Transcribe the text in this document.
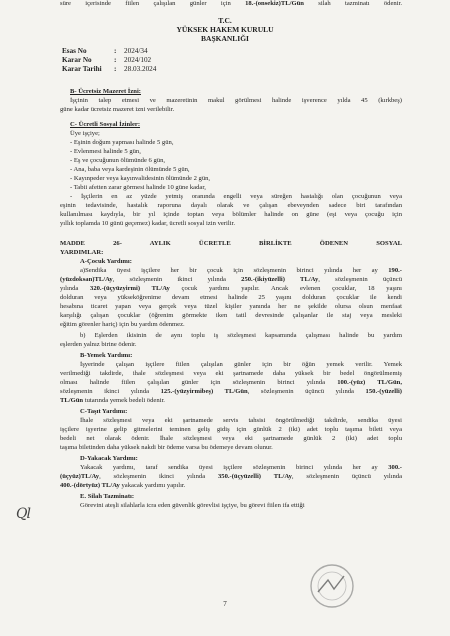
T.C.
YÜKSEK HAKEM KURULU
BAŞKANLIĞI
Esas No	: 2024/34
Karar No	: 2024/102
Karar Tarihi : 28.03.2024
B- Ücretsiz Mazeret İzni:
İşçinin talep etmesi ve mazeretinin makul görülmesi halinde işverence yılda 45 (kırkbeş)
güne kadar ücretsiz mazeret izni verilebilir.
C- Ücretli Sosyal İzinler:
Üye işçiye;
- Eşinin doğum yapması halinde 5 gün,
- Evlenmesi halinde 5 gün,
- Eş ve çocuğunun ölümünde 6 gün,
- Ana, baba veya kardeşinin ölümünde 5 gün,
- Kayınpeder veya kayınvalidesinin ölümünde 2 gün,
- Tabii afetten zarar görmesi halinde 10 güne kadar,
- İşçilerin en az yüzde yetmiş oranında engelli veya süreğen hastalığı olan çocuğunun veya
eşinin tedavisinde, hastalık raporuna dayalı olarak ve çalışan ebeveynden sadece biri tarafından
kullanılması kaydıyla, bir yıl içinde toptan veya bölümler halinde on güne (eşi veya çocuğu için
yıllık toplamda 10 günü geçemez) kadar, ücretli sosyal izin verilir.
MADDE 26- AYLIK ÜCRETLE BİRLİKTE ÖDENEN SOSYAL
YARDIMLAR:
A-Çocuk Yardımı:
a)Sendika üyesi işçilere her bir çocuk için sözleşmenin birinci yılında her ay 190.-
(yüzdoksan)TL/Ay, sözleşmenin ikinci yılında 250.-(ikiyüzelli) TL/Ay, sözleşmenin üçüncü
yılında 320.-(üçyüzyirmi) TL/Ay çocuk yardımı yapılır. Ancak evlenen çocuklar, 18 yaşını
dolduran veya yükseköğrenime devam etmesi halinde 25 yaşını dolduran çocuklar ile kendi
hesabına ticaret yapan veya gerçek veya tüzel kişiler yanında her ne şekilde olursa olsun menfaat
karşılığı çalışan çocuklar (öğrenim görmekte iken tatil devresinde çalışanlar ile staj veya mesleki
eğitim görenler hariç) için bu yardım ödenmez.
b) Eşlerden ikisinin de aynı toplu iş sözleşmesi kapsamında çalışması halinde bu yardım
eşlerden yalnız birine ödenir.
B-Yemek Yardımı:
İşyerinde çalışan işçilere fiilen çalışılan günler için bir öğün yemek verilir. Yemek
verilmediği takdirde, ihale sözleşmesi veya eki şartnamede daha yüksek bir bedel öngörülmemiş
olması halinde fiilen çalışılan günler için sözleşmenin birinci yılında 100.-(yüz) TL/Gün,
sözleşmenin ikinci yılında 125.-(yüzyirmibeş) TL/Gün, sözleşmenin üçüncü yılında 150.-(yüzelli)
TL/Gün tutarında yemek bedeli ödenir.
C-Taşıt Yardımı:
İhale sözleşmesi veya eki şartnamede servis tahsisi öngörülmediği takdirde, sendika üyesi
işçilere işyerine gelip gitmelerini teminen geliş gidiş için günlük 2 (iki) adet toplu taşıma bileti veya
bedeli net olarak ödenir. İhale sözleşmesi veya eki şartnamede günlük 2 (iki) adet toplu
taşıma biletinden daha yüksek nakdi bir ödeme varsa bu ödemeye devam olunur.
D-Yakacak Yardımı:
Yakacak yardımı, taraf sendika üyesi işçilere sözleşmenin birinci yılında her ay 300.-
(üçyüz)TL/Ay, sözleşmenin ikinci yılında 350.-(üçyüzelli) TL/Ay, sözleşmenin üçüncü yılında
400.-(dörtyüz) TL/Ay yakacak yardımı yapılır.
E. Silah Tazminatı:
Görevini ateşli silahlarla icra eden güvenlik görevlisi işçiye, bu görevi fiilen ifa ettiği
süre içerisinde fiilen çalışılan günler için 18.-(onsekiz)TL/Gün silah tazminatı ödenir.
Ql
7
